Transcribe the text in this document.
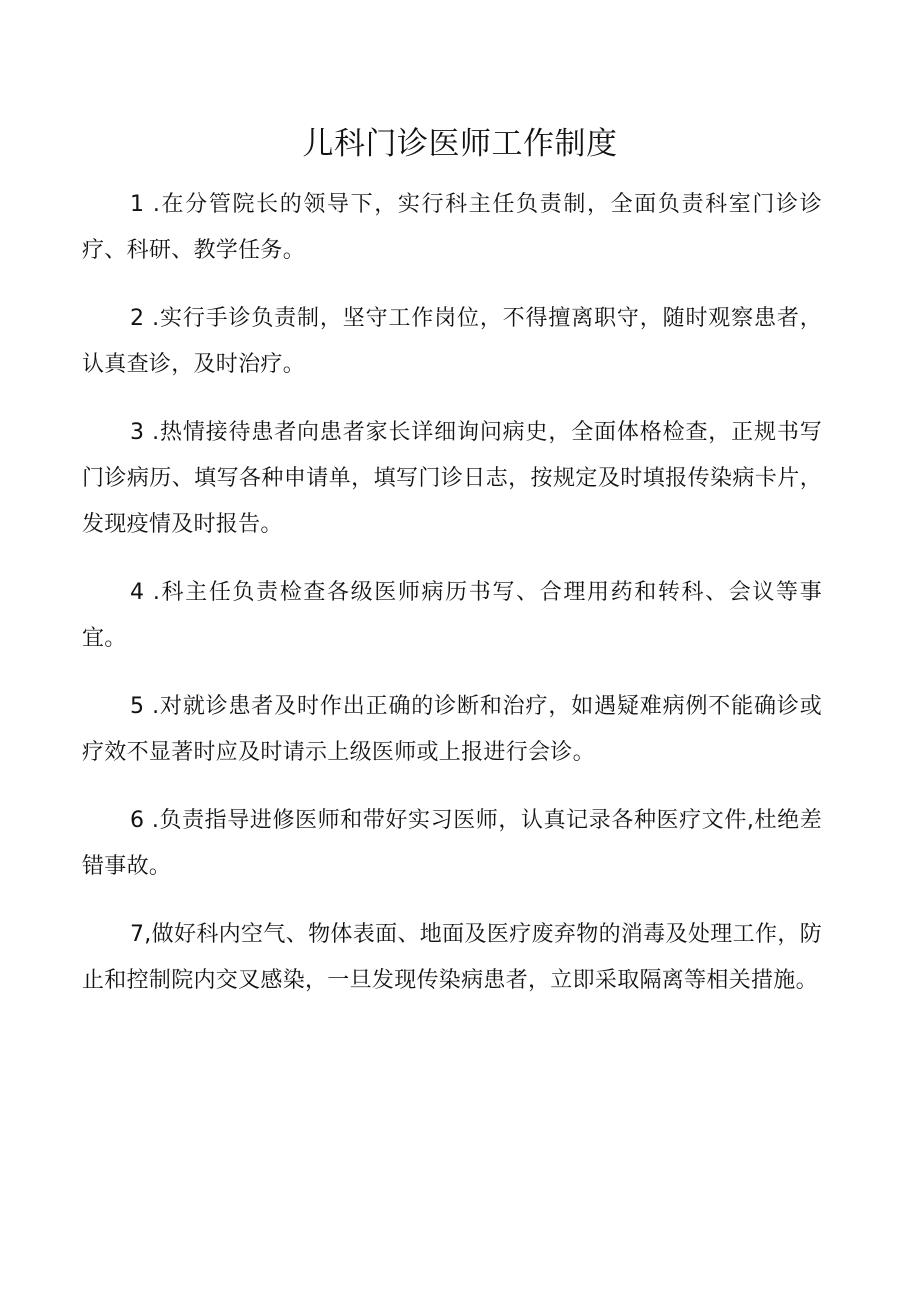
儿科门诊医师工作制度

1 .在分管院长的领导下，实行科主任负责制，全面负责科室门诊诊疗、科研、教学任务。

2 .实行手诊负责制，坚守工作岗位，不得擅离职守，随时观察患者，认真查诊，及时治疗。

3 .热情接待患者向患者家长详细询问病史，全面体格检查，正规书写门诊病历、填写各种申请单，填写门诊日志，按规定及时填报传染病卡片，发现疫情及时报告。

4 .科主任负责检查各级医师病历书写、合理用药和转科、会议等事宜。

5 .对就诊患者及时作出正确的诊断和治疗，如遇疑难病例不能确诊或疗效不显著时应及时请示上级医师或上报进行会诊。

6 .负责指导进修医师和带好实习医师，认真记录各种医疗文件,杜绝差错事故。

7,做好科内空气、物体表面、地面及医疗废弃物的消毒及处理工作，防止和控制院内交叉感染，一旦发现传染病患者，立即采取隔离等相关措施。
